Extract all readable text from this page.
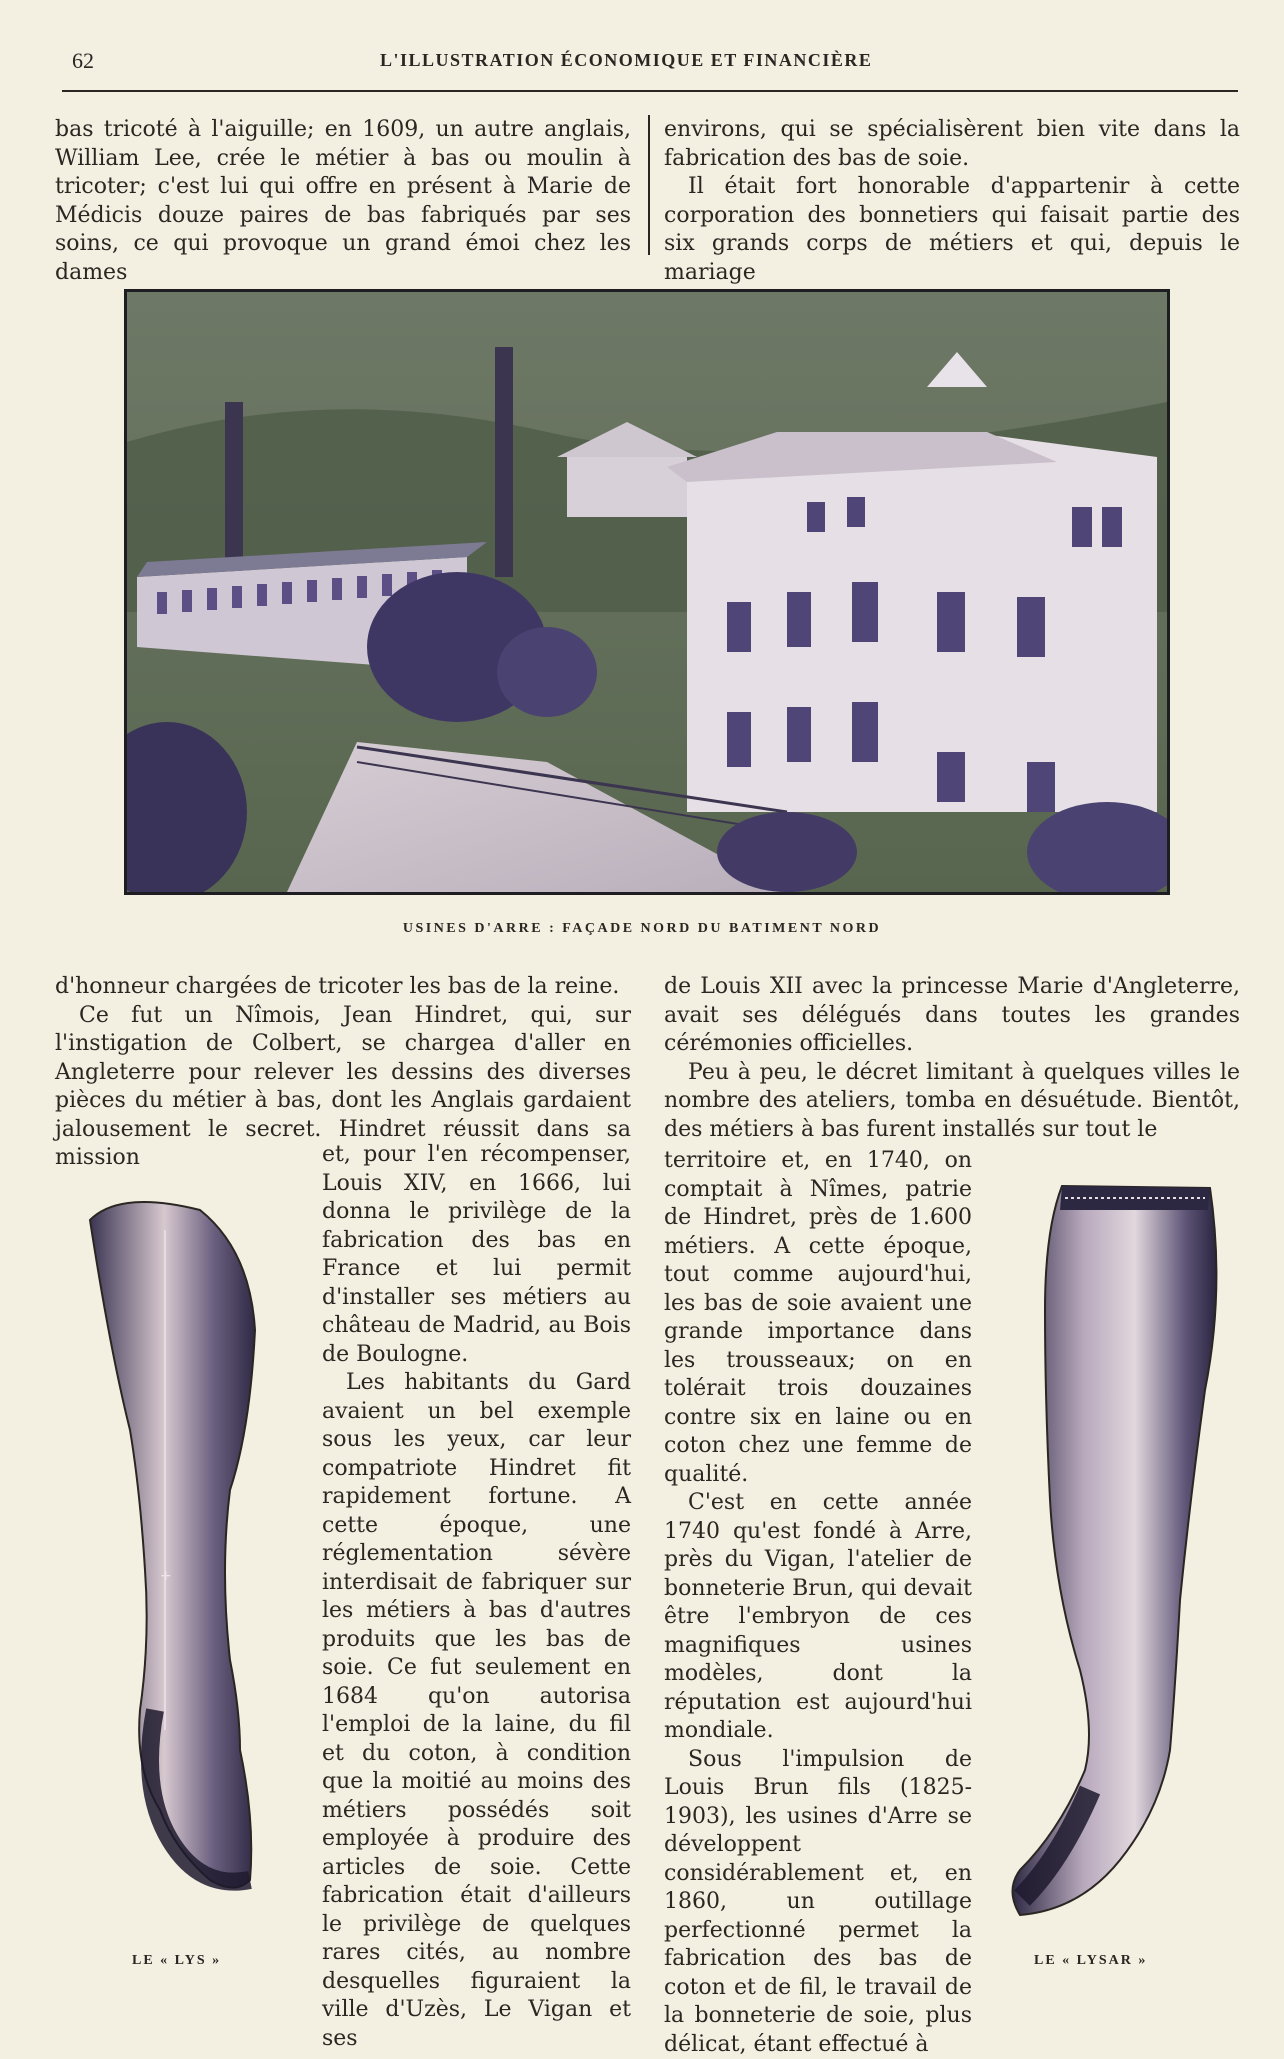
62	L'ILLUSTRATION ÉCONOMIQUE ET FINANCIÈRE

bas tricoté à l'aiguille; en 1609, un autre anglais, William Lee, crée le métier à bas ou moulin à tricoter; c'est lui qui offre en présent à Marie de Médicis douze paires de bas fabriqués par ses soins, ce qui provoque un grand émoi chez les dames

environs, qui se spécialisèrent bien vite dans la fabrication des bas de soie.

Il était fort honorable d'appartenir à cette corporation des bonnetiers qui faisait partie des six grands corps de métiers et qui, depuis le mariage

USINES D'ARRE : FAÇADE NORD DU BATIMENT NORD

d'honneur chargées de tricoter les bas de la reine.

Ce fut un Nîmois, Jean Hindret, qui, sur l'instigation de Colbert, se chargea d'aller en Angleterre pour relever les dessins des diverses pièces du métier à bas, dont les Anglais gardaient jalousement le secret. Hindret réussit dans sa mission

de Louis XII avec la princesse Marie d'Angleterre, avait ses délégués dans toutes les grandes cérémonies officielles.

Peu à peu, le décret limitant à quelques villes le nombre des ateliers, tomba en désuétude. Bientôt, des métiers à bas furent installés sur tout le

et, pour l'en récompenser, Louis XIV, en 1666, lui donna le privilège de la fabrication des bas en France et lui permit d'installer ses métiers au château de Madrid, au Bois de Boulogne.

Les habitants du Gard avaient un bel exemple sous les yeux, car leur compatriote Hindret fit rapidement fortune. A cette époque, une réglementation sévère interdisait de fabriquer sur les métiers à bas d'autres produits que les bas de soie. Ce fut seulement en 1684 qu'on autorisa l'emploi de la laine, du fil et du coton, à condition que la moitié au moins des métiers possédés soit employée à produire des articles de soie. Cette fabrication était d'ailleurs le privilège de quelques rares cités, au nombre desquelles figuraient la ville d'Uzès, Le Vigan et ses

territoire et, en 1740, on comptait à Nîmes, patrie de Hindret, près de 1.600 métiers. A cette époque, tout comme aujourd'hui, les bas de soie avaient une grande importance dans les trousseaux; on en tolérait trois douzaines contre six en laine ou en coton chez une femme de qualité.

C'est en cette année 1740 qu'est fondé à Arre, près du Vigan, l'atelier de bonneterie Brun, qui devait être l'embryon de ces magnifiques usines modèles, dont la réputation est aujourd'hui mondiale.

Sous l'impulsion de Louis Brun fils (1825-1903), les usines d'Arre se développent considérablement et, en 1860, un outillage perfectionné permet la fabrication des bas de coton et de fil, le travail de la bonneterie de soie, plus délicat, étant effectué à

+
LE « LYS »	LE « LYSAR »
